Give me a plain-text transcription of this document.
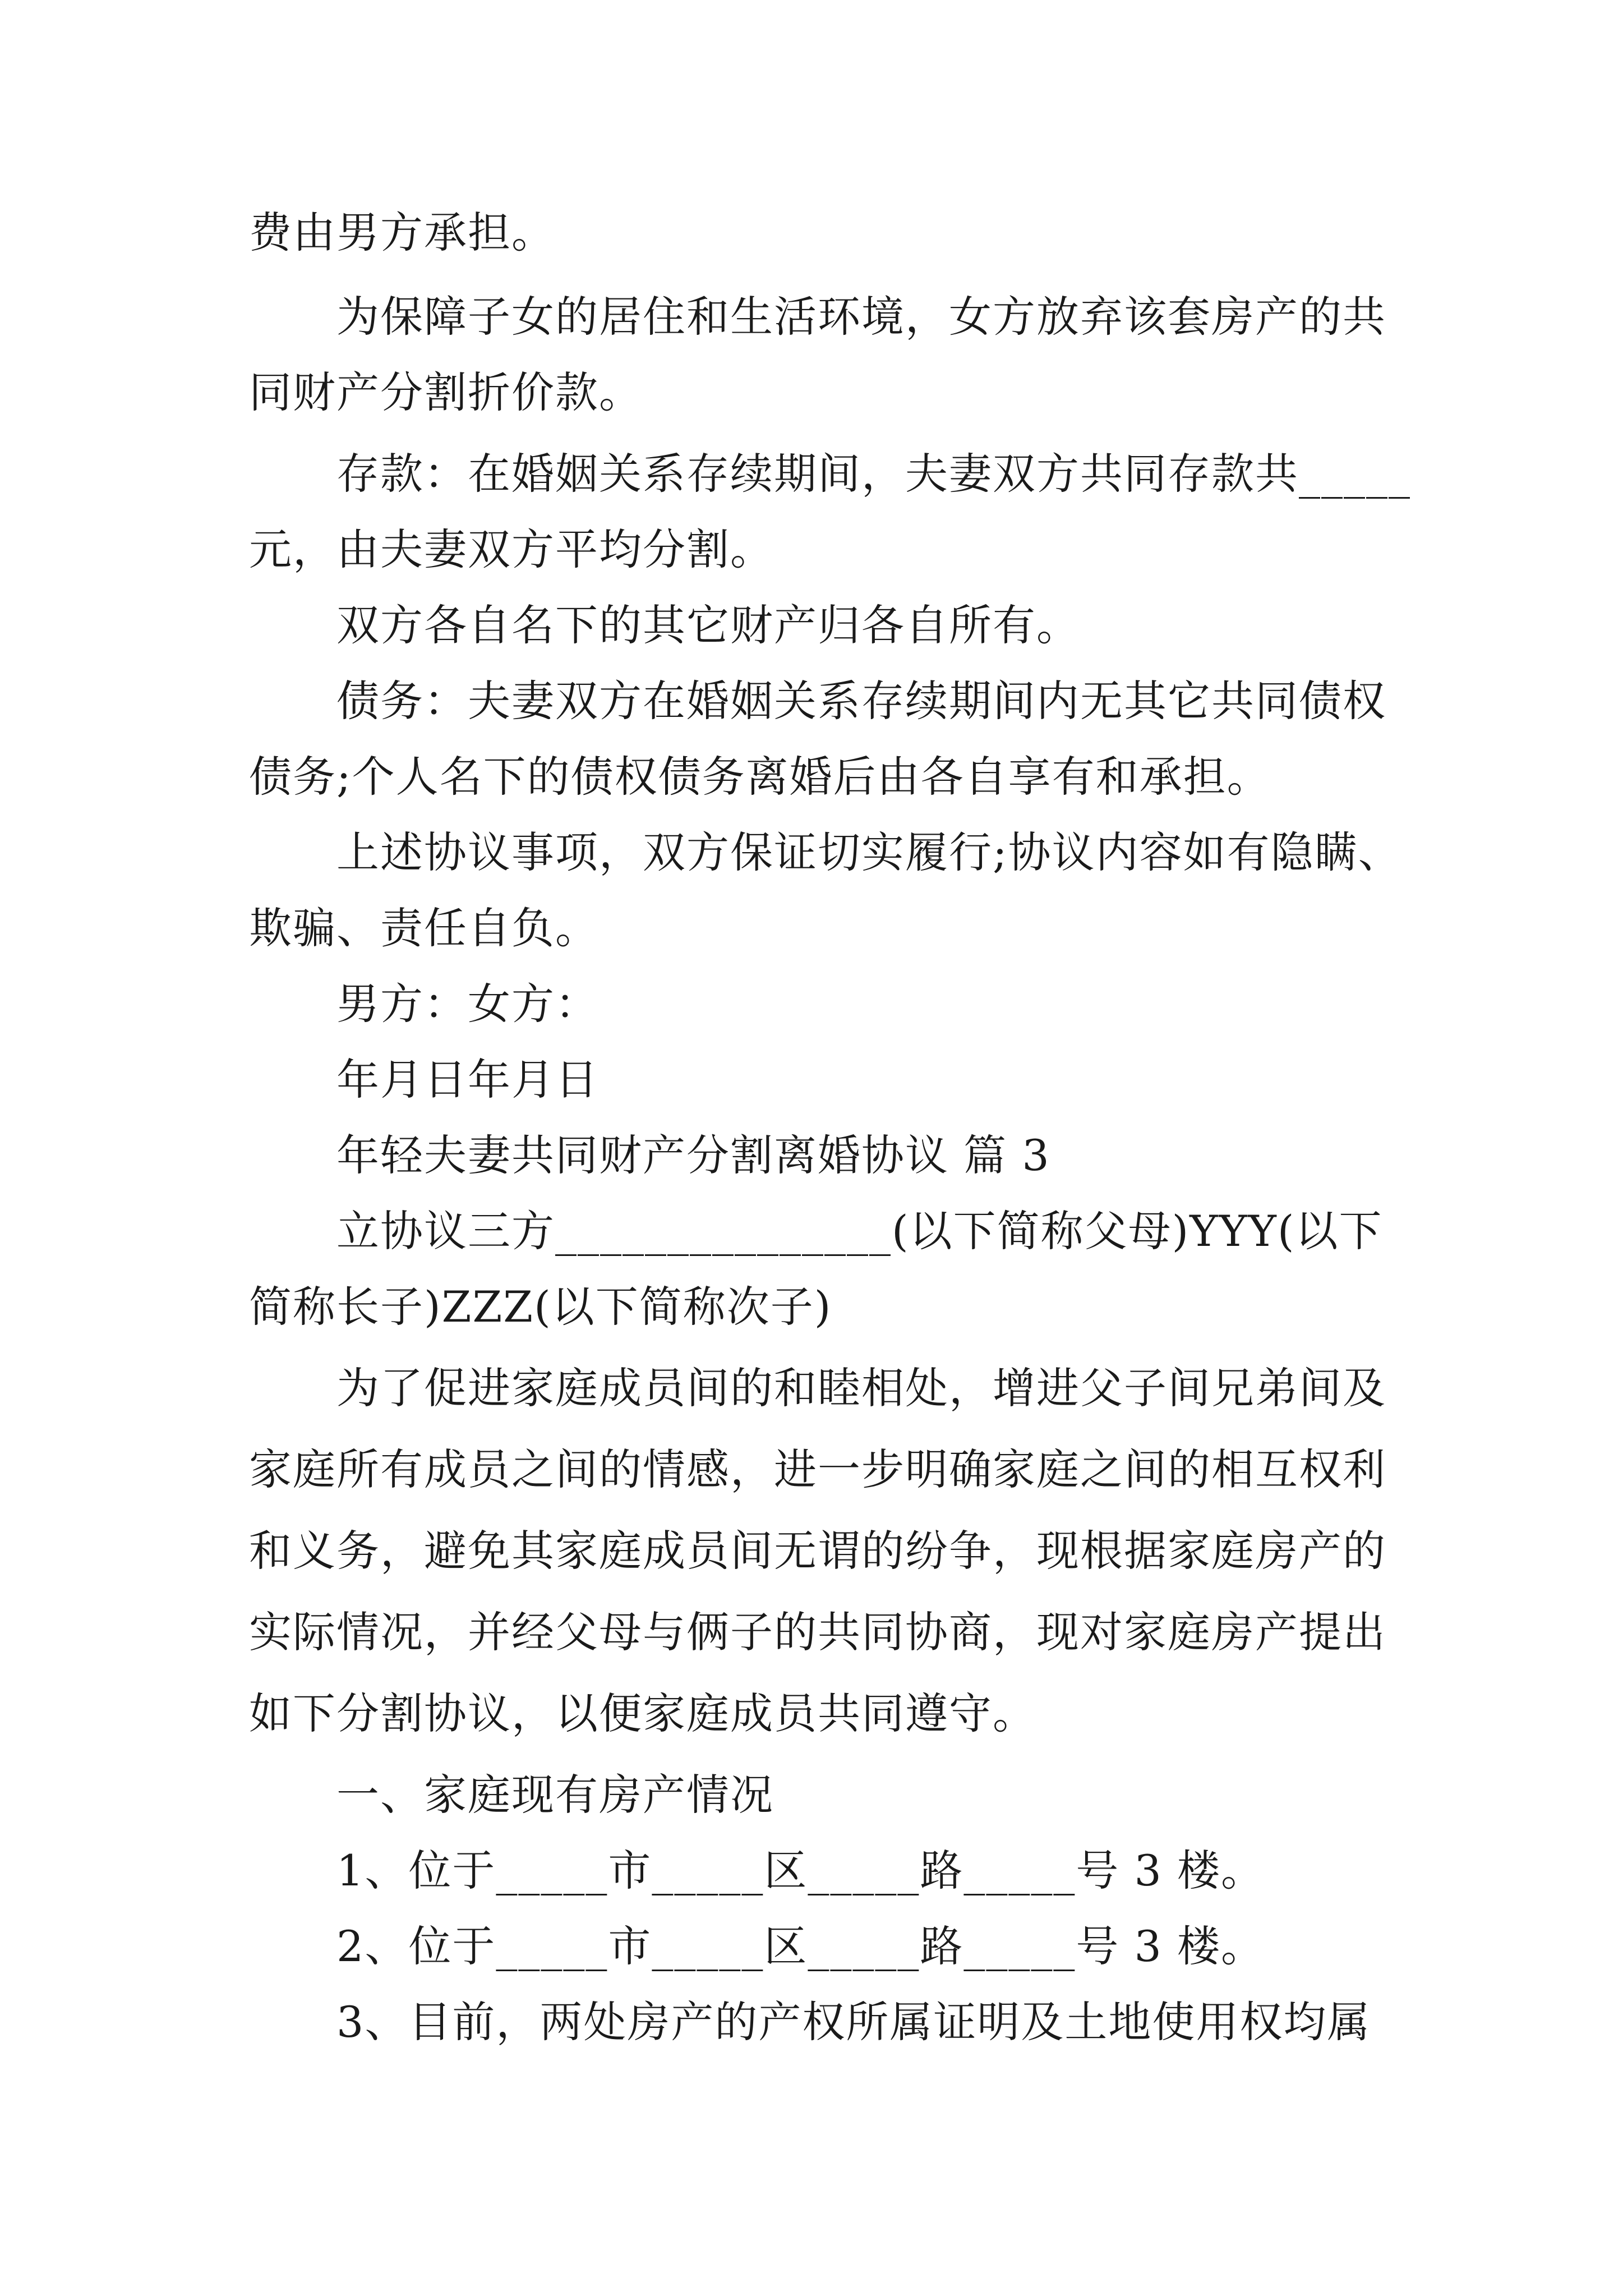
费由男方承担。
为保障子女的居住和生活环境，女方放弃该套房产的共
同财产分割折价款。
存款：在婚姻关系存续期间，夫妻双方共同存款共_____
元，由夫妻双方平均分割。
双方各自名下的其它财产归各自所有。
债务：夫妻双方在婚姻关系存续期间内无其它共同债权
债务;个人名下的债权债务离婚后由各自享有和承担。
上述协议事项，双方保证切实履行;协议内容如有隐瞒、
欺骗、责任自负。
男方：女方：
年月日年月日
年轻夫妻共同财产分割离婚协议 篇 3
立协议三方_______________(以下简称父母)YYY(以下
简称长子)ZZZ(以下简称次子)
为了促进家庭成员间的和睦相处，增进父子间兄弟间及
家庭所有成员之间的情感，进一步明确家庭之间的相互权利
和义务，避免其家庭成员间无谓的纷争，现根据家庭房产的
实际情况，并经父母与俩子的共同协商，现对家庭房产提出
如下分割协议，以便家庭成员共同遵守。
一、家庭现有房产情况
1、位于_____市_____区_____路_____号 3 楼。
2、位于_____市_____区_____路_____号 3 楼。
3、目前，两处房产的产权所属证明及土地使用权均属
